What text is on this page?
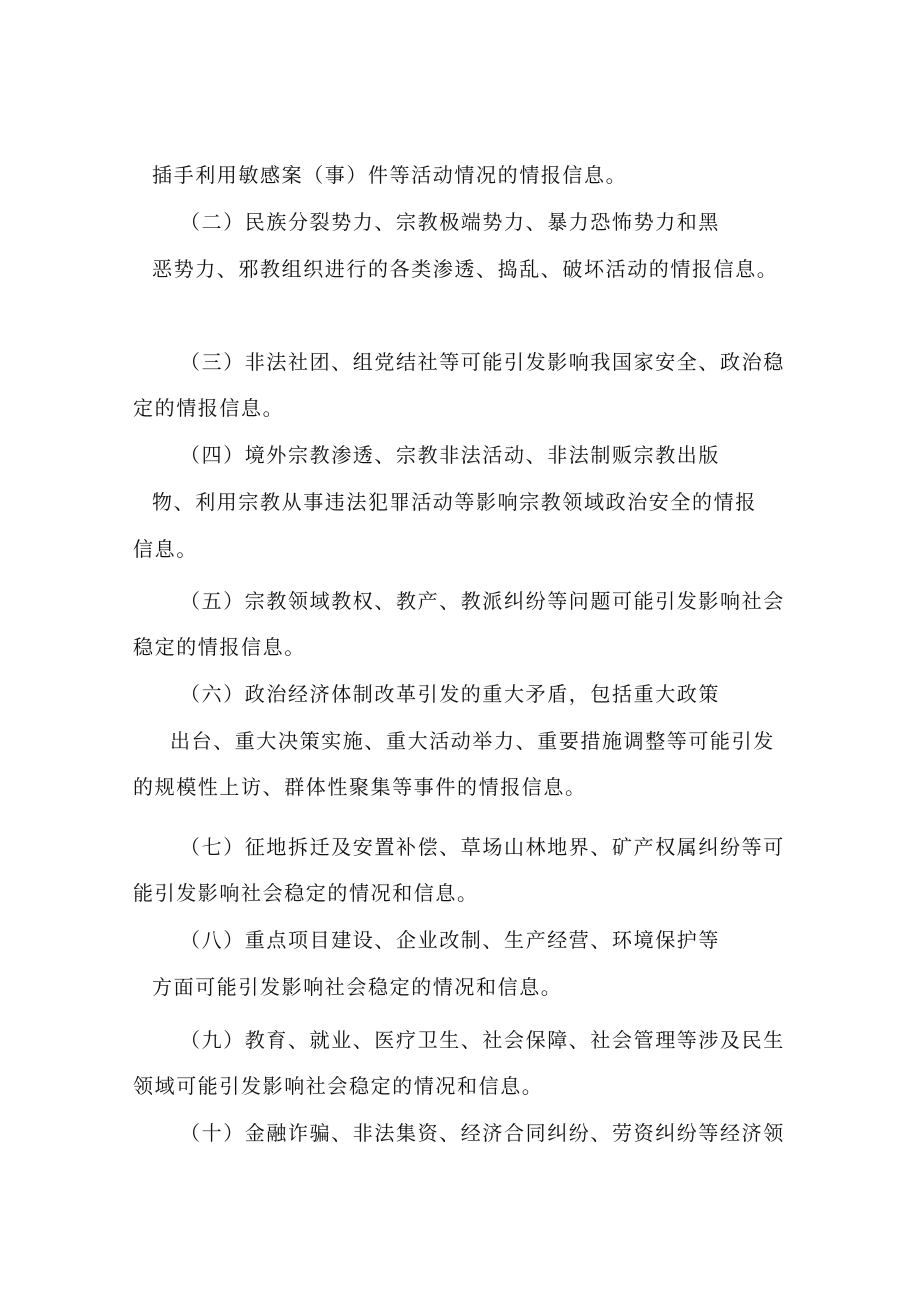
插手利用敏感案（事）件等活动情况的情报信息。
（二）民族分裂势力、宗教极端势力、暴力恐怖势力和黑
恶势力、邪教组织进行的各类渗透、捣乱、破坏活动的情报信息。
（三）非法社团、组党结社等可能引发影响我国家安全、政治稳
定的情报信息。
（四）境外宗教渗透、宗教非法活动、非法制贩宗教出版
物、利用宗教从事违法犯罪活动等影响宗教领域政治安全的情报
信息。
（五）宗教领域教权、教产、教派纠纷等问题可能引发影响社会
稳定的情报信息。
（六）政治经济体制改革引发的重大矛盾，包括重大政策
出台、重大决策实施、重大活动举力、重要措施调整等可能引发
的规模性上访、群体性聚集等事件的情报信息。
（七）征地拆迁及安置补偿、草场山林地界、矿产权属纠纷等可
能引发影响社会稳定的情况和信息。
（八）重点项目建设、企业改制、生产经营、环境保护等
方面可能引发影响社会稳定的情况和信息。
（九）教育、就业、医疗卫生、社会保障、社会管理等涉及民生
领域可能引发影响社会稳定的情况和信息。
（十）金融诈骗、非法集资、经济合同纠纷、劳资纠纷等经济领
